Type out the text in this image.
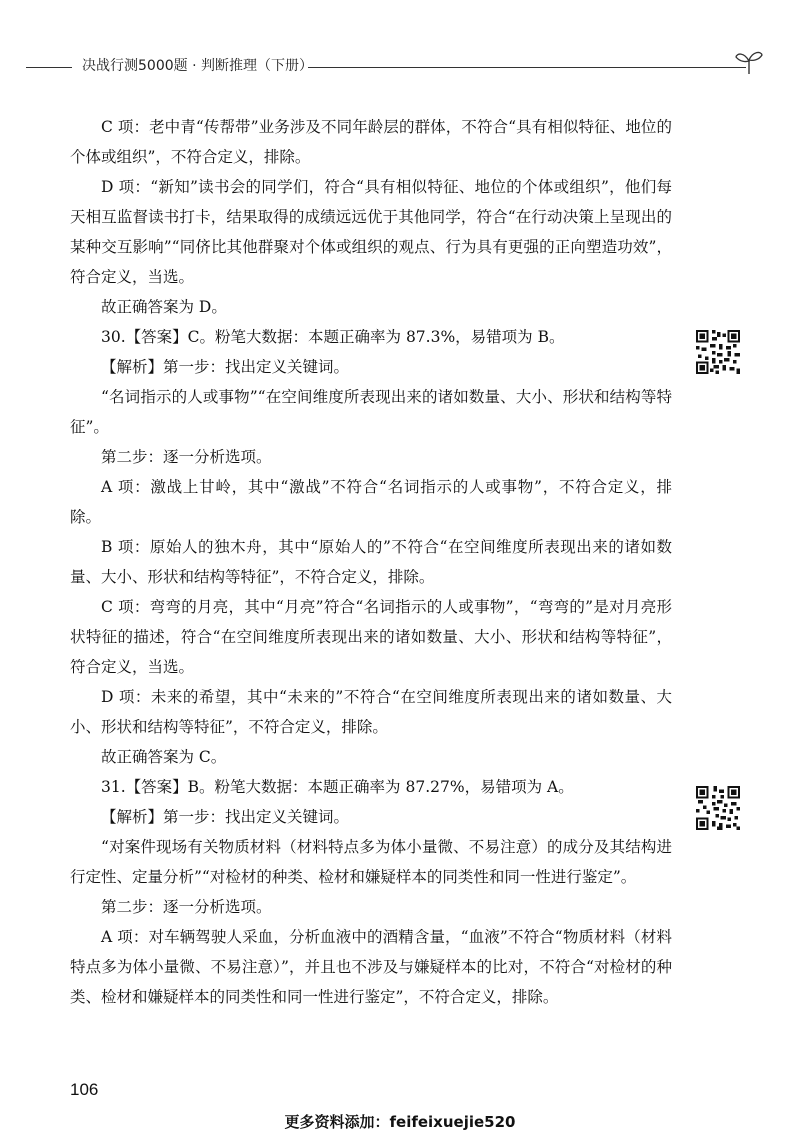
决战行测5000题 · 判断推理（下册）

C 项：老中青“传帮带”业务涉及不同年龄层的群体，不符合“具有相似特征、地位的个体或组织”，不符合定义，排除。

D 项：“新知”读书会的同学们，符合“具有相似特征、地位的个体或组织”，他们每天相互监督读书打卡，结果取得的成绩远远优于其他同学，符合“在行动决策上呈现出的某种交互影响”“同侪比其他群聚对个体或组织的观点、行为具有更强的正向塑造功效”，符合定义，当选。

故正确答案为 D。

30.【答案】C。粉笔大数据：本题正确率为 87.3%，易错项为 B。

【解析】第一步：找出定义关键词。

“名词指示的人或事物”“在空间维度所表现出来的诸如数量、大小、形状和结构等特征”。

第二步：逐一分析选项。

A 项：激战上甘岭，其中“激战”不符合“名词指示的人或事物”，不符合定义，排除。

B 项：原始人的独木舟，其中“原始人的”不符合“在空间维度所表现出来的诸如数量、大小、形状和结构等特征”，不符合定义，排除。

C 项：弯弯的月亮，其中“月亮”符合“名词指示的人或事物”，“弯弯的”是对月亮形状特征的描述，符合“在空间维度所表现出来的诸如数量、大小、形状和结构等特征”，符合定义，当选。

D 项：未来的希望，其中“未来的”不符合“在空间维度所表现出来的诸如数量、大小、形状和结构等特征”，不符合定义，排除。

故正确答案为 C。

31.【答案】B。粉笔大数据：本题正确率为 87.27%，易错项为 A。

【解析】第一步：找出定义关键词。

“对案件现场有关物质材料（材料特点多为体小量微、不易注意）的成分及其结构进行定性、定量分析”“对检材的种类、检材和嫌疑样本的同类性和同一性进行鉴定”。

第二步：逐一分析选项。

A 项：对车辆驾驶人采血，分析血液中的酒精含量，“血液”不符合“物质材料（材料特点多为体小量微、不易注意）”，并且也不涉及与嫌疑样本的比对，不符合“对检材的种类、检材和嫌疑样本的同类性和同一性进行鉴定”，不符合定义，排除。

106
更多资料添加：feifeixuejie520
